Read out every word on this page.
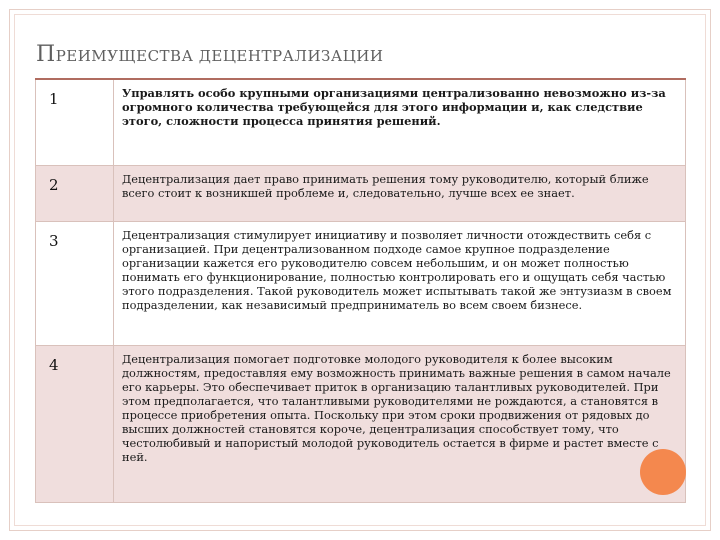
ПРЕИМУЩЕСТВА ДЕЦЕНТРАЛИЗАЦИИ
1	Управлять особо крупными организациями централизованно невозможно из-за огромного количества требующейся для этого информации и, как следствие этого, сложности процесса принятия решений.
2	Децентрализация дает право принимать решения тому руководителю, который ближе всего стоит к возникшей проблеме и, следовательно, лучше всех ее знает.
3	Децентрализация стимулирует инициативу и позволяет личности отождествить себя с организацией. При децентрализованном подходе самое крупное подразделение организации кажется его руководителю совсем небольшим, и он может полностью понимать его функционирование, полностью контролировать его и ощущать себя частью этого подразделения. Такой руководитель может испытывать такой же энтузиазм в своем подразделении, как независимый предприниматель во всем своем бизнесе.
4	Децентрализация помогает подготовке молодого руководителя к более высоким должностям, предоставляя ему возможность принимать важные решения в самом начале его карьеры. Это обеспечивает приток в организацию талантливых руководителей. При этом предполагается, что талантливыми руководителями не рождаются, а становятся в процессе приобретения опыта. Поскольку при этом сроки продвижения от рядовых до высших должностей становятся короче, децентрализация способствует тому, что честолюбивый и напористый молодой руководитель остается в фирме и растет вместе с ней.
